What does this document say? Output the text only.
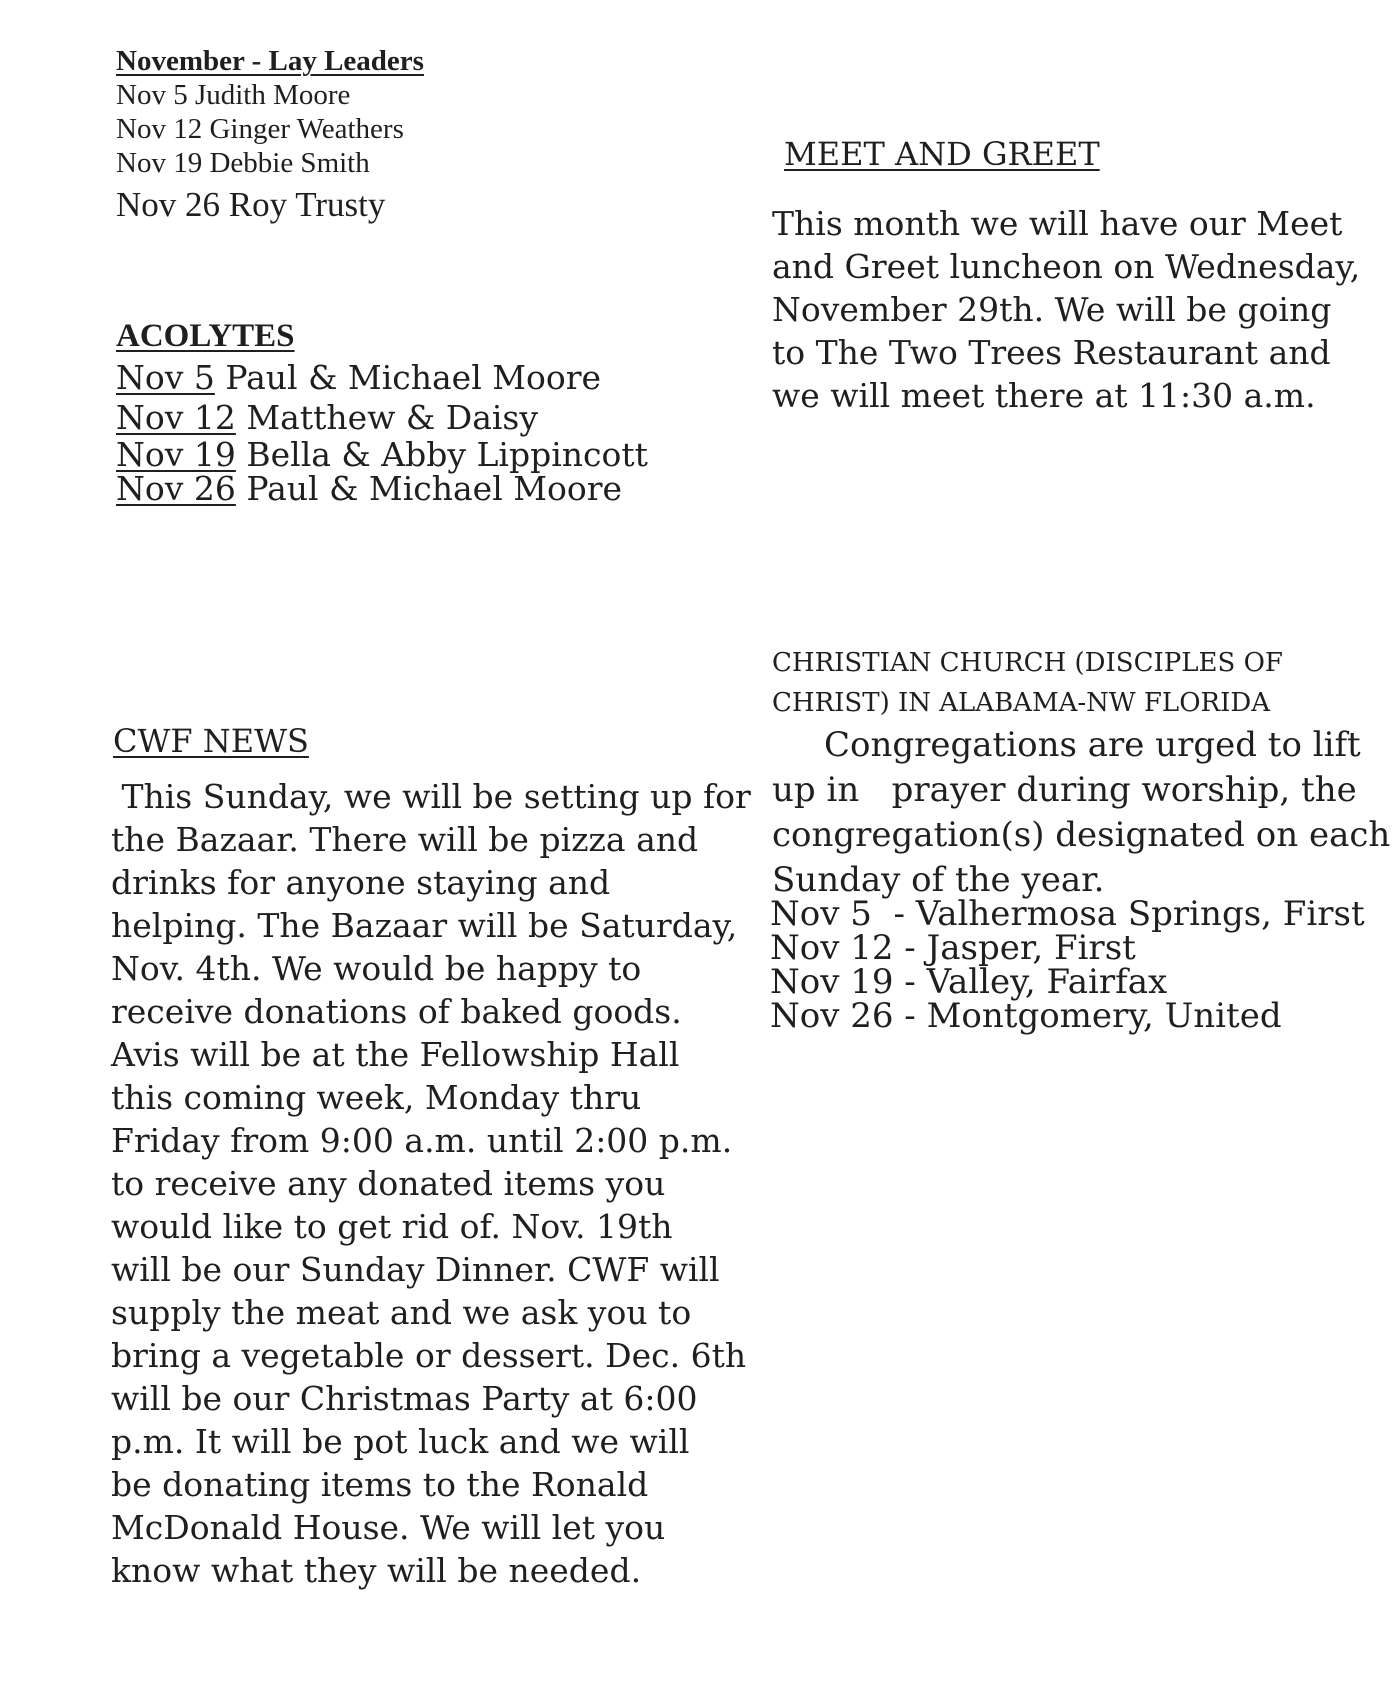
November - Lay Leaders
Nov 5 Judith Moore
Nov 12 Ginger Weathers
Nov 19 Debbie Smith
Nov 26 Roy Trusty
ACOLYTES
Nov 5 Paul & Michael Moore
Nov 12 Matthew & Daisy
Nov 19 Bella & Abby Lippincott
Nov 26 Paul & Michael Moore
CWF NEWS
This Sunday, we will be setting up for
the Bazaar. There will be pizza and
drinks for anyone staying and
helping. The Bazaar will be Saturday,
Nov. 4th. We would be happy to
receive donations of baked goods.
Avis will be at the Fellowship Hall
this coming week, Monday thru
Friday from 9:00 a.m. until 2:00 p.m.
to receive any donated items you
would like to get rid of. Nov. 19th
will be our Sunday Dinner. CWF will
supply the meat and we ask you to
bring a vegetable or dessert. Dec. 6th
will be our Christmas Party at 6:00
p.m. It will be pot luck and we will
be donating items to the Ronald
McDonald House. We will let you
know what they will be needed.
MEET AND GREET
This month we will have our Meet
and Greet luncheon on Wednesday,
November 29th. We will be going
to The Two Trees Restaurant and
we will meet there at 11:30 a.m.
CHRISTIAN CHURCH (DISCIPLES OF
CHRIST) IN ALABAMA-NW FLORIDA
Congregations are urged to lift
up in   prayer during worship, the
congregation(s) designated on each
Sunday of the year.
Nov 5  - Valhermosa Springs, First
Nov 12 - Jasper, First
Nov 19 - Valley, Fairfax
Nov 26 - Montgomery, United
